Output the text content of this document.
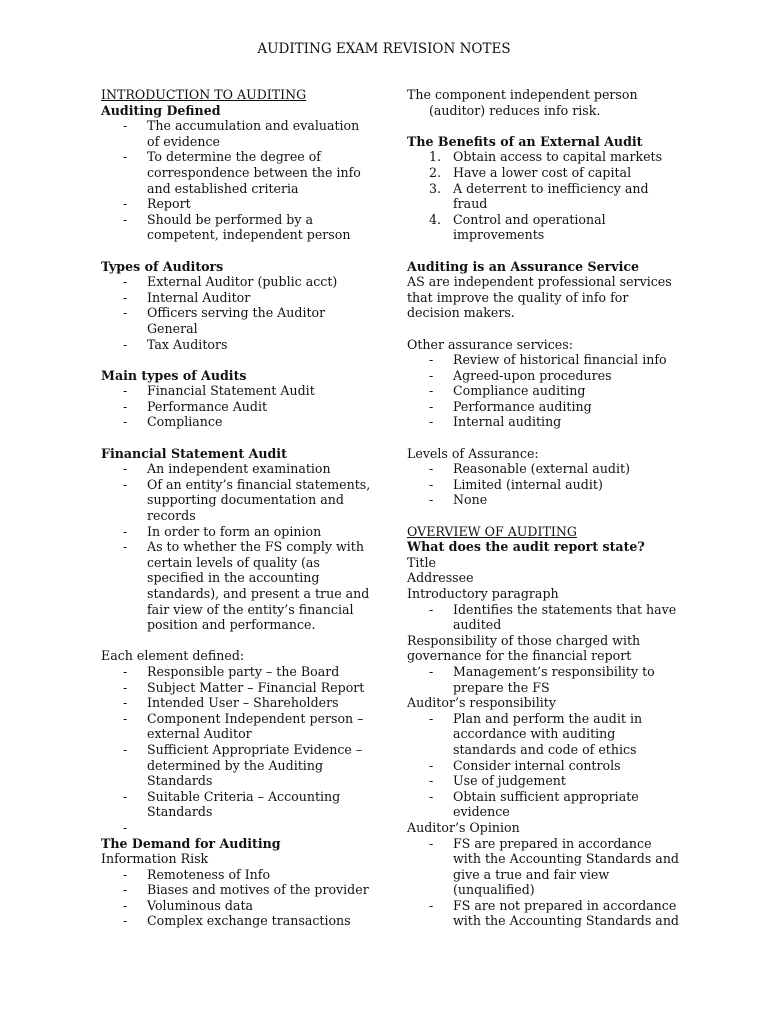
AUDITING EXAM REVISION NOTES
INTRODUCTION TO AUDITING
Auditing Defined
-	The accumulation and evaluation
of evidence
-	To determine the degree of
correspondence between the info
and established criteria
-	Report
-	Should be performed by a
competent, independent person
Types of Auditors
-	External Auditor (public acct)
-	Internal Auditor
-	Officers serving the Auditor
General
-	Tax Auditors
Main types of Audits
-	Financial Statement Audit
-	Performance Audit
-	Compliance
Financial Statement Audit
-	An independent examination
-	Of an entity’s financial statements,
supporting documentation and
records
-	In order to form an opinion
-	As to whether the FS comply with
certain levels of quality (as
specified in the accounting
standards), and present a true and
fair view of the entity’s financial
position and performance.
Each element defined:
-	Responsible party – the Board
-	Subject Matter – Financial Report
-	Intended User – Shareholders
-	Component Independent person –
external Auditor
-	Sufficient Appropriate Evidence –
determined by the Auditing
Standards
-	Suitable Criteria – Accounting
Standards
-
The Demand for Auditing
Information Risk
-	Remoteness of Info
-	Biases and motives of the provider
-	Voluminous data
-	Complex exchange transactions
The component independent person
(auditor) reduces info risk.
The Benefits of an External Audit
1. Obtain access to capital markets
2. Have a lower cost of capital
3. A deterrent to inefficiency and
fraud
4. Control and operational
improvements
Auditing is an Assurance Service
AS are independent professional services
that improve the quality of info for
decision makers.
Other assurance services:
-	Review of historical financial info
-	Agreed-upon procedures
-	Compliance auditing
-	Performance auditing
-	Internal auditing
Levels of Assurance:
-	Reasonable (external audit)
-	Limited (internal audit)
-	None
OVERVIEW OF AUDITING
What does the audit report state?
Title
Addressee
Introductory paragraph
-	Identifies the statements that have
audited
Responsibility of those charged with
governance for the financial report
-	Management’s responsibility to
prepare the FS
Auditor’s responsibility
-	Plan and perform the audit in
accordance with auditing
standards and code of ethics
-	Consider internal controls
-	Use of judgement
-	Obtain sufficient appropriate
evidence
Auditor’s Opinion
-	FS are prepared in accordance
with the Accounting Standards and
give a true and fair view
(unqualified)
-	FS are not prepared in accordance
with the Accounting Standards and
